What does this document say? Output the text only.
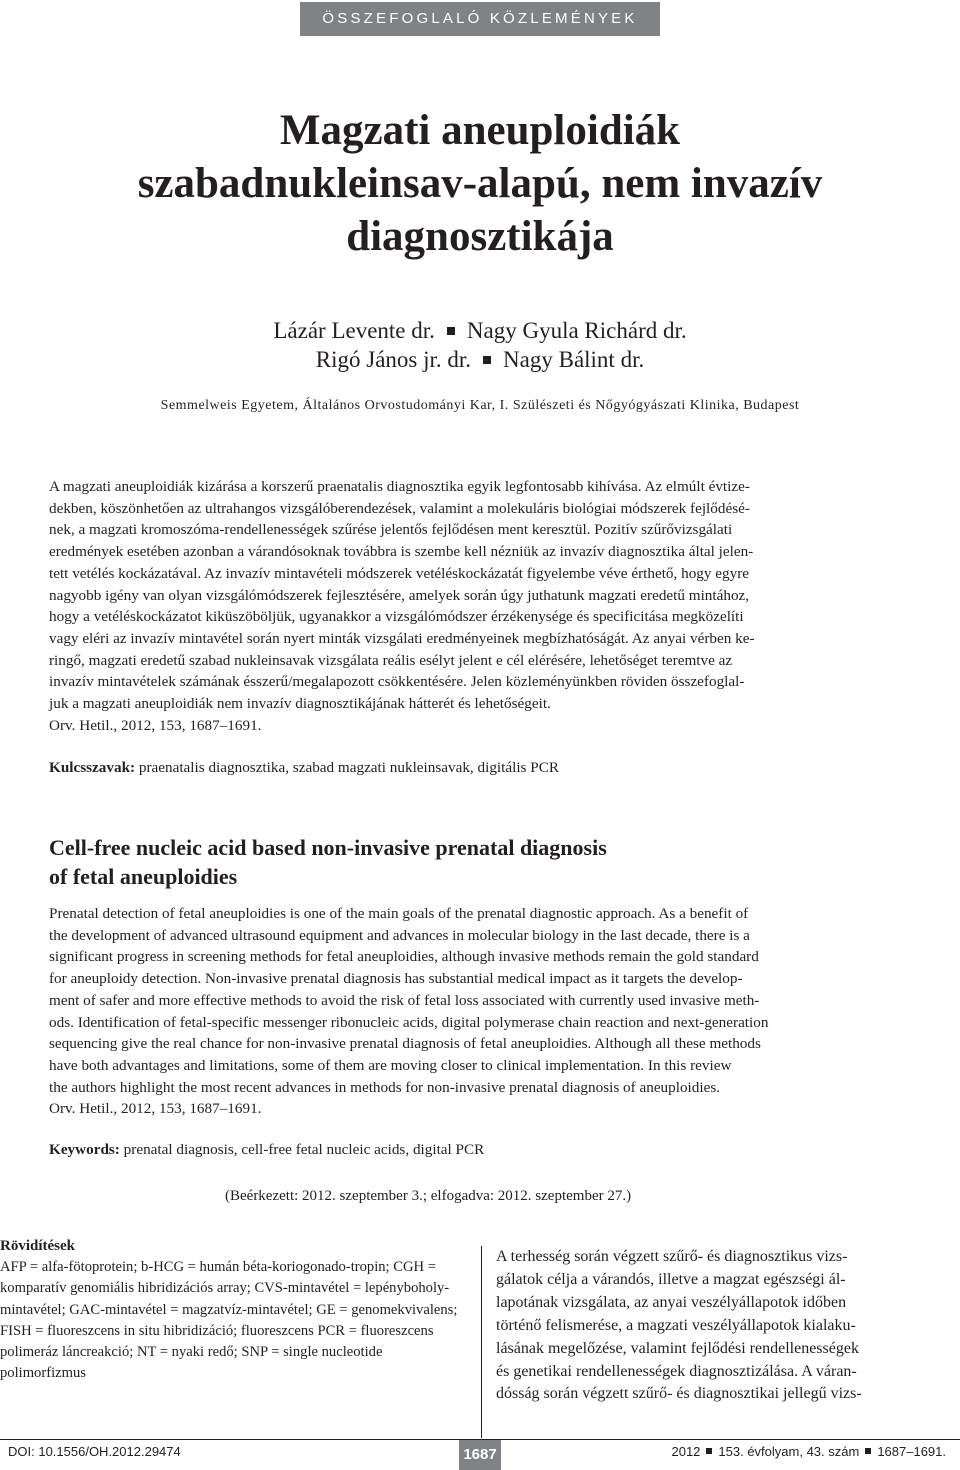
ÖSSZEFOGLALÓ KÖZLEMÉNYEK
Magzati aneuploidiák
szabadnukleinsav-alapú, nem invazív
diagnosztikája
Lázár Levente dr. Nagy Gyula Richárd dr.
Rigó János jr. dr. Nagy Bálint dr.
Semmelweis Egyetem, Általános Orvostudományi Kar, I. Szülészeti és Nőgyógyászati Klinika, Budapest
A magzati aneuploidiák kizárása a korszerű praenatalis diagnosztika egyik legfontosabb kihívása. Az elmúlt évtize-
dekben, köszönhetően az ultrahangos vizsgálóberendezések, valamint a molekuláris biológiai módszerek fejlődésé-
nek, a magzati kromoszóma-rendellenességek szűrése jelentős fejlődésen ment keresztül. Pozitív szűrővizsgálati
eredmények esetében azonban a várandósoknak továbbra is szembe kell nézniük az invazív diagnosztika által jelen-
tett vetélés kockázatával. Az invazív mintavételi módszerek vetéléskockázatát figyelembe véve érthető, hogy egyre
nagyobb igény van olyan vizsgálómódszerek fejlesztésére, amelyek során úgy juthatunk magzati eredetű mintához,
hogy a vetéléskockázatot kiküszöböljük, ugyanakkor a vizsgálómódszer érzékenysége és specificitása megközelíti
vagy eléri az invazív mintavétel során nyert minták vizsgálati eredményeinek megbízhatóságát. Az anyai vérben ke-
ringő, magzati eredetű szabad nukleinsavak vizsgálata reális esélyt jelent e cél elérésére, lehetőséget teremtve az
invazív mintavételek számának ésszerű/megalapozott csökkentésére. Jelen közleményünkben röviden összefoglal-
juk a magzati aneuploidiák nem invazív diagnosztikájának hátterét és lehetőségeit.
Orv. Hetil., 2012, 153, 1687–1691.
Kulcsszavak: praenatalis diagnosztika, szabad magzati nukleinsavak, digitális PCR
Cell-free nucleic acid based non-invasive prenatal diagnosis
of fetal aneuploidies
Prenatal detection of fetal aneuploidies is one of the main goals of the prenatal diagnostic approach. As a benefit of
the development of advanced ultrasound equipment and advances in molecular biology in the last decade, there is a
significant progress in screening methods for fetal aneuploidies, although invasive methods remain the gold standard
for aneuploidy detection. Non-invasive prenatal diagnosis has substantial medical impact as it targets the develop-
ment of safer and more effective methods to avoid the risk of fetal loss associated with currently used invasive meth-
ods. Identification of fetal-specific messenger ribonucleic acids, digital polymerase chain reaction and next-generation
sequencing give the real chance for non-invasive prenatal diagnosis of fetal aneuploidies. Although all these methods
have both advantages and limitations, some of them are moving closer to clinical implementation. In this review
the authors highlight the most recent advances in methods for non-invasive prenatal diagnosis of aneuploidies.
Orv. Hetil., 2012, 153, 1687–1691.
Keywords: prenatal diagnosis, cell-free fetal nucleic acids, digital PCR
(Beérkezett: 2012. szeptember 3.; elfogadva: 2012. szeptember 27.)
Rövidítések
AFP = alfa-fötoprotein; b-HCG = humán béta-koriogonado-tropin; CGH = komparatív genomiális hibridizációs array; CVS-mintavétel = lepényboholy-mintavétel; GAC-mintavétel = magzatvíz-mintavétel; GE = genomekvivalens; FISH = fluoreszcens in situ hibridizáció; fluoreszcens PCR = fluoreszcens polimeráz láncreakció; NT = nyaki redő; SNP = single nucleotide polimorfizmus
A terhesség során végzett szűrő- és diagnosztikus vizs-
gálatok célja a várandós, illetve a magzat egészségi ál-
lapotának vizsgálata, az anyai veszélyállapotok időben
történő felismerése, a magzati veszélyállapotok kialaku-
lásának megelőzése, valamint fejlődési rendellenességek
és genetikai rendellenességek diagnosztizálása. A váran-
dósság során végzett szűrő- és diagnosztikai jellegű vizs-
DOI: 10.1556/OH.2012.29474	1687	2012 153. évfolyam, 43. szám 1687–1691.
